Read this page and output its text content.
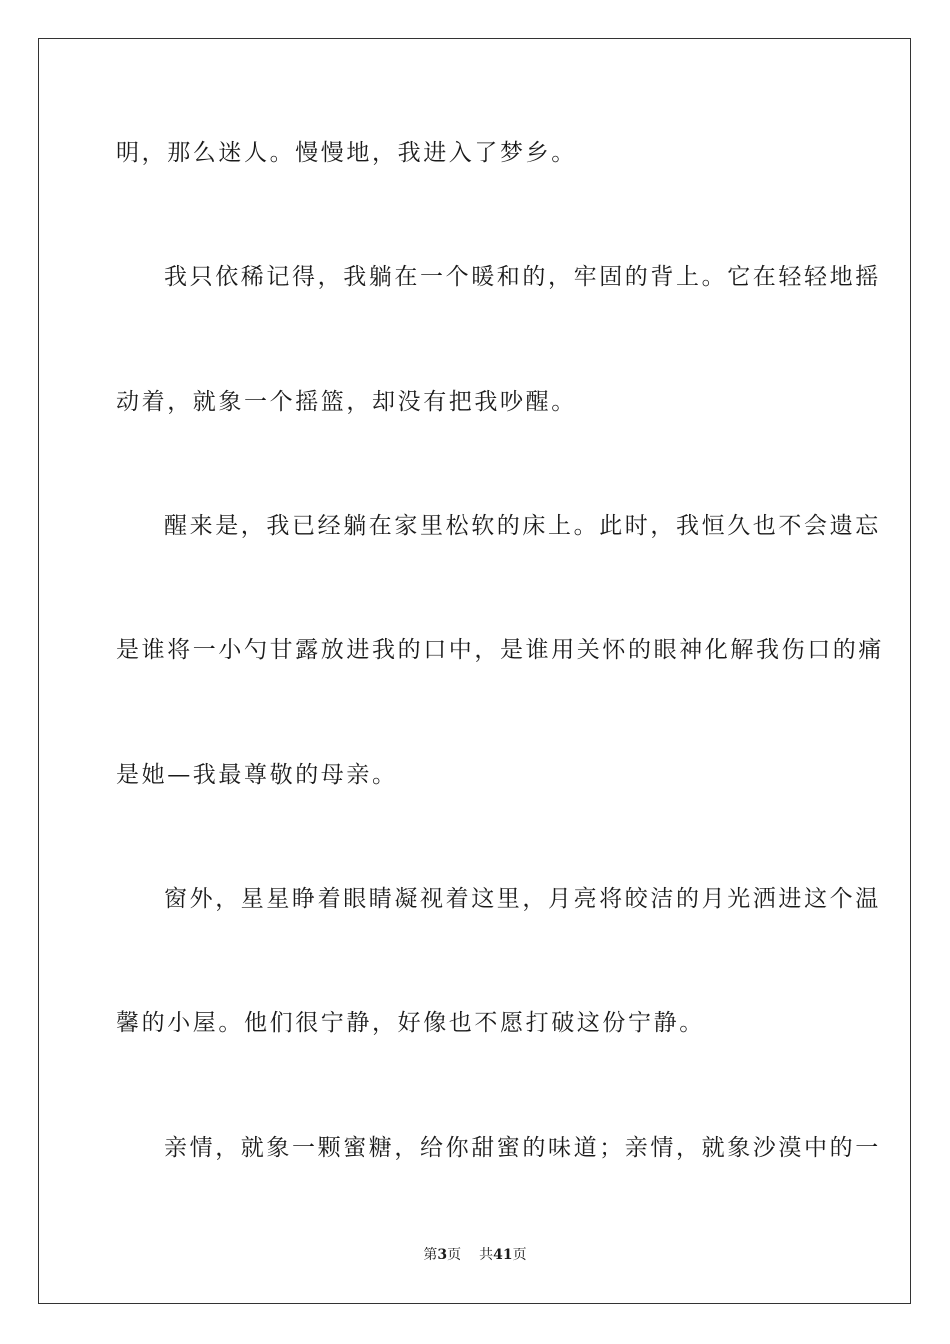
明，那么迷人。慢慢地，我进入了梦乡。
我只依稀记得，我躺在一个暖和的，牢固的背上。它在轻轻地摇
动着，就象一个摇篮，却没有把我吵醒。
醒来是，我已经躺在家里松软的床上。此时，我恒久也不会遗忘
是谁将一小勺甘露放进我的口中，是谁用关怀的眼神化解我伤口的痛
是她—我最尊敬的母亲。
窗外，星星睁着眼睛凝视着这里，月亮将皎洁的月光洒进这个温
馨的小屋。他们很宁静，好像也不愿打破这份宁静。
亲情，就象一颗蜜糖，给你甜蜜的味道；亲情，就象沙漠中的一
第3页 共41页
